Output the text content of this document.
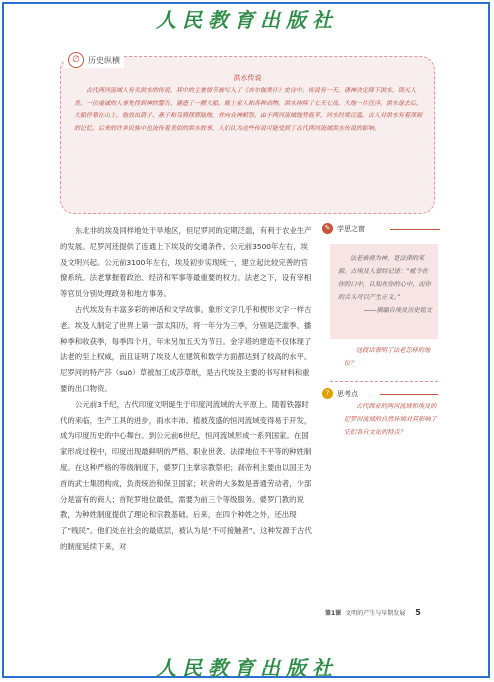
人民教育出版社
∅	历史纵横
洪水传说
古代两河流域人有关洪水的传说，其中的主要情节被写入了《吉尔伽美什》史诗中。传说有一天，诸神决定降下洪水，毁灭人类。一位虔诚的人事先得到神的警告，建造了一艘大船，载上家人和各种动物。洪水持续了七天七夜，大地一片汪洋。洪水退去后，大船停靠在山上，他放出鸽子、燕子和乌鸦探察陆地，并向众神献祭。由于两河流域地势低平，河水经常泛滥，古人对洪水有着深刻的记忆。后来的许多民族中也流传着类似的洪水故事，人们认为这些传说可能受到了古代两河流域洪水传说的影响。

东北非的埃及同样地处干旱地区，但尼罗河的定期泛滥，有利于农业生产的发展。尼罗河还提供了连通上下埃及的交通条件。公元前3500年左右，埃及文明兴起。公元前3100年左右，埃及初步实现统一，建立起比较完善的官僚系统。法老掌握着政治、经济和军事等最重要的权力。法老之下，设有宰相等官员分别处理政务和地方事务。

古代埃及有丰富多彩的神话和文学故事。象形文字几乎和楔形文字一样古老。埃及人制定了世界上第一部太阳历，将一年分为三季，分别是泛滥季、播种季和收获季，每季四个月，年末另加五天为节日。金字塔的建造不仅体现了法老的至上权威，而且证明了埃及人在建筑和数学方面都达到了较高的水平。尼罗河的特产莎（suō）草被加工成莎草纸，是古代埃及主要的书写材料和重要的出口物资。

公元前3千纪，古代印度文明诞生于印度河流域的大平原上。随着铁器时代的来临，生产工具的进步，雨水丰沛、植被茂盛的恒河流域变得易于开发，成为印度历史的中心舞台。到公元前6世纪，恒河流域形成一系列国家。在国家形成过程中，印度出现最鲜明的严格、职业世袭、法律地位不平等的种姓制度。在这种严格的等级制度下，婆罗门主掌宗教祭祀；刹帝利主要由以国王为首的武士集团构成，负责统治和保卫国家；吠舍的大多数是普通劳动者，少部分是富有的商人；首陀罗地位最低，需要为前三个等级服务。婆罗门教的说教，为种姓制度提供了理论和宗教基础。后来，在四个种姓之外，还出现了“贱民”。他们处在社会的最底层，被认为是“不可接触者”。这种发源于古代的制度延续下来，对

✎ 学思之窗
法老被视为神，是法律的来源。古埃及人曾经记述：“威令在你的口中，认知在你的心中，而你的舌头可以产生正义。”
——摘编自埃及历史铭文
这段话表明了法老怎样的地位？
?	思考点
古代西亚的两河流域和埃及的尼罗河流域的自然环境对其影响了它们各自文化的特点？
第1课 文明的产生与早期发展 5
人民教育出版社
